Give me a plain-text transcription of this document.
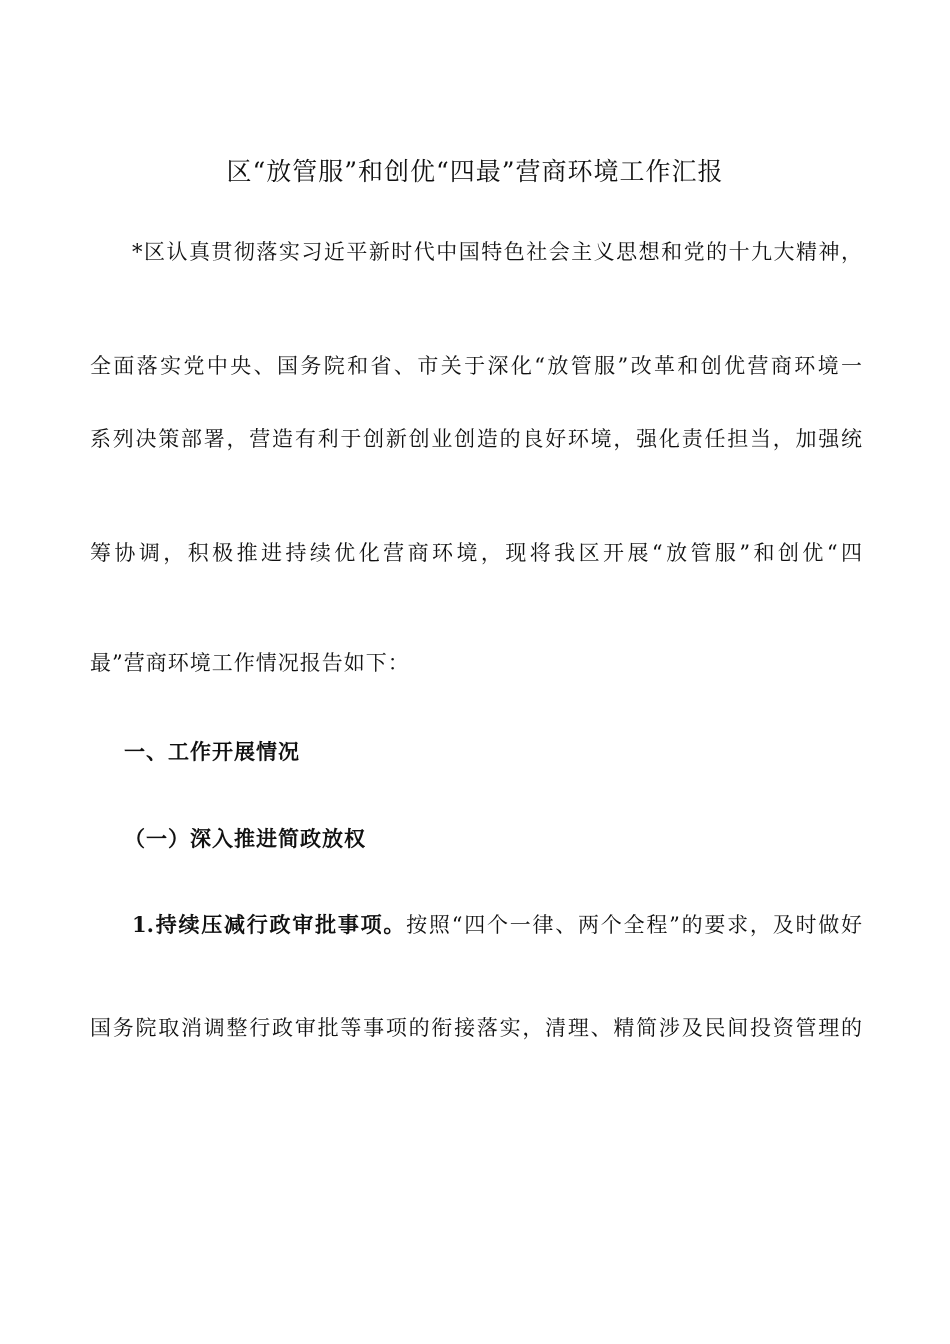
区“放管服”和创优“四最”营商环境工作汇报
*区认真贯彻落实习近平新时代中国特色社会主义思想和党的十九大精神，
全面落实党中央、国务院和省、市关于深化“放管服”改革和创优营商环境一
系列决策部署，营造有利于创新创业创造的良好环境，强化责任担当，加强统
筹协调，积极推进持续优化营商环境，现将我区开展“放管服”和创优“四
最”营商环境工作情况报告如下：
一、工作开展情况
（一）深入推进简政放权
1.持续压减行政审批事项。按照“四个一律、两个全程”的要求，及时做好
国务院取消调整行政审批等事项的衔接落实，清理、精简涉及民间投资管理的
